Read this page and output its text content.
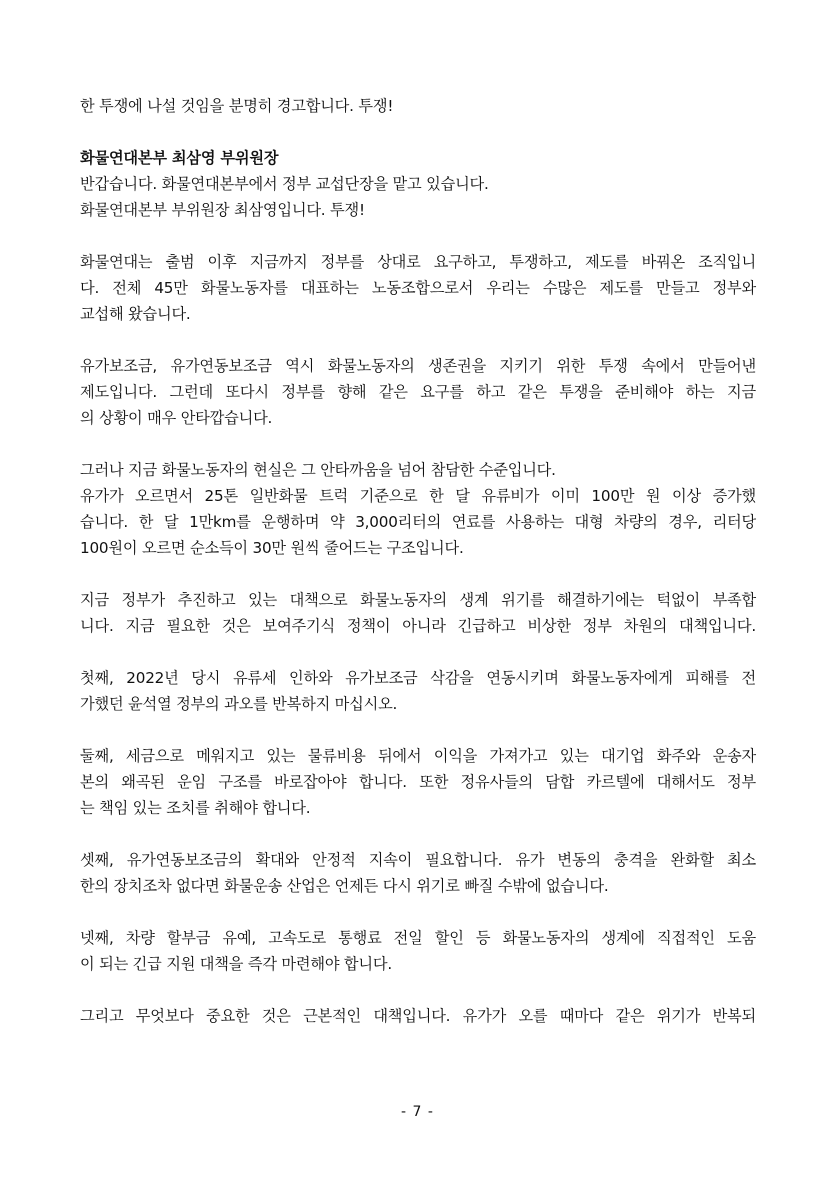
한 투쟁에 나설 것임을 분명히 경고합니다. 투쟁!
화물연대본부 최삼영 부위원장
반갑습니다. 화물연대본부에서 정부 교섭단장을 맡고 있습니다.
화물연대본부 부위원장 최삼영입니다. 투쟁!
화물연대는 출범 이후 지금까지 정부를 상대로 요구하고, 투쟁하고, 제도를 바꿔온 조직입니
다. 전체 45만 화물노동자를 대표하는 노동조합으로서 우리는 수많은 제도를 만들고 정부와
교섭해 왔습니다.
유가보조금, 유가연동보조금 역시 화물노동자의 생존권을 지키기 위한 투쟁 속에서 만들어낸
제도입니다. 그런데 또다시 정부를 향해 같은 요구를 하고 같은 투쟁을 준비해야 하는 지금
의 상황이 매우 안타깝습니다.
그러나 지금 화물노동자의 현실은 그 안타까움을 넘어 참담한 수준입니다.
유가가 오르면서 25톤 일반화물 트럭 기준으로 한 달 유류비가 이미 100만 원 이상 증가했
습니다. 한 달 1만km를 운행하며 약 3,000리터의 연료를 사용하는 대형 차량의 경우, 리터당
100원이 오르면 순소득이 30만 원씩 줄어드는 구조입니다.
지금 정부가 추진하고 있는 대책으로 화물노동자의 생계 위기를 해결하기에는 턱없이 부족합
니다. 지금 필요한 것은 보여주기식 정책이 아니라 긴급하고 비상한 정부 차원의 대책입니다.
첫째, 2022년 당시 유류세 인하와 유가보조금 삭감을 연동시키며 화물노동자에게 피해를 전
가했던 윤석열 정부의 과오를 반복하지 마십시오.
둘째, 세금으로 메워지고 있는 물류비용 뒤에서 이익을 가져가고 있는 대기업 화주와 운송자
본의 왜곡된 운임 구조를 바로잡아야 합니다. 또한 정유사들의 담합 카르텔에 대해서도 정부
는 책임 있는 조치를 취해야 합니다.
셋째, 유가연동보조금의 확대와 안정적 지속이 필요합니다. 유가 변동의 충격을 완화할 최소
한의 장치조차 없다면 화물운송 산업은 언제든 다시 위기로 빠질 수밖에 없습니다.
넷째, 차량 할부금 유예, 고속도로 통행료 전일 할인 등 화물노동자의 생계에 직접적인 도움
이 되는 긴급 지원 대책을 즉각 마련해야 합니다.
그리고 무엇보다 중요한 것은 근본적인 대책입니다. 유가가 오를 때마다 같은 위기가 반복되
- 7 -
